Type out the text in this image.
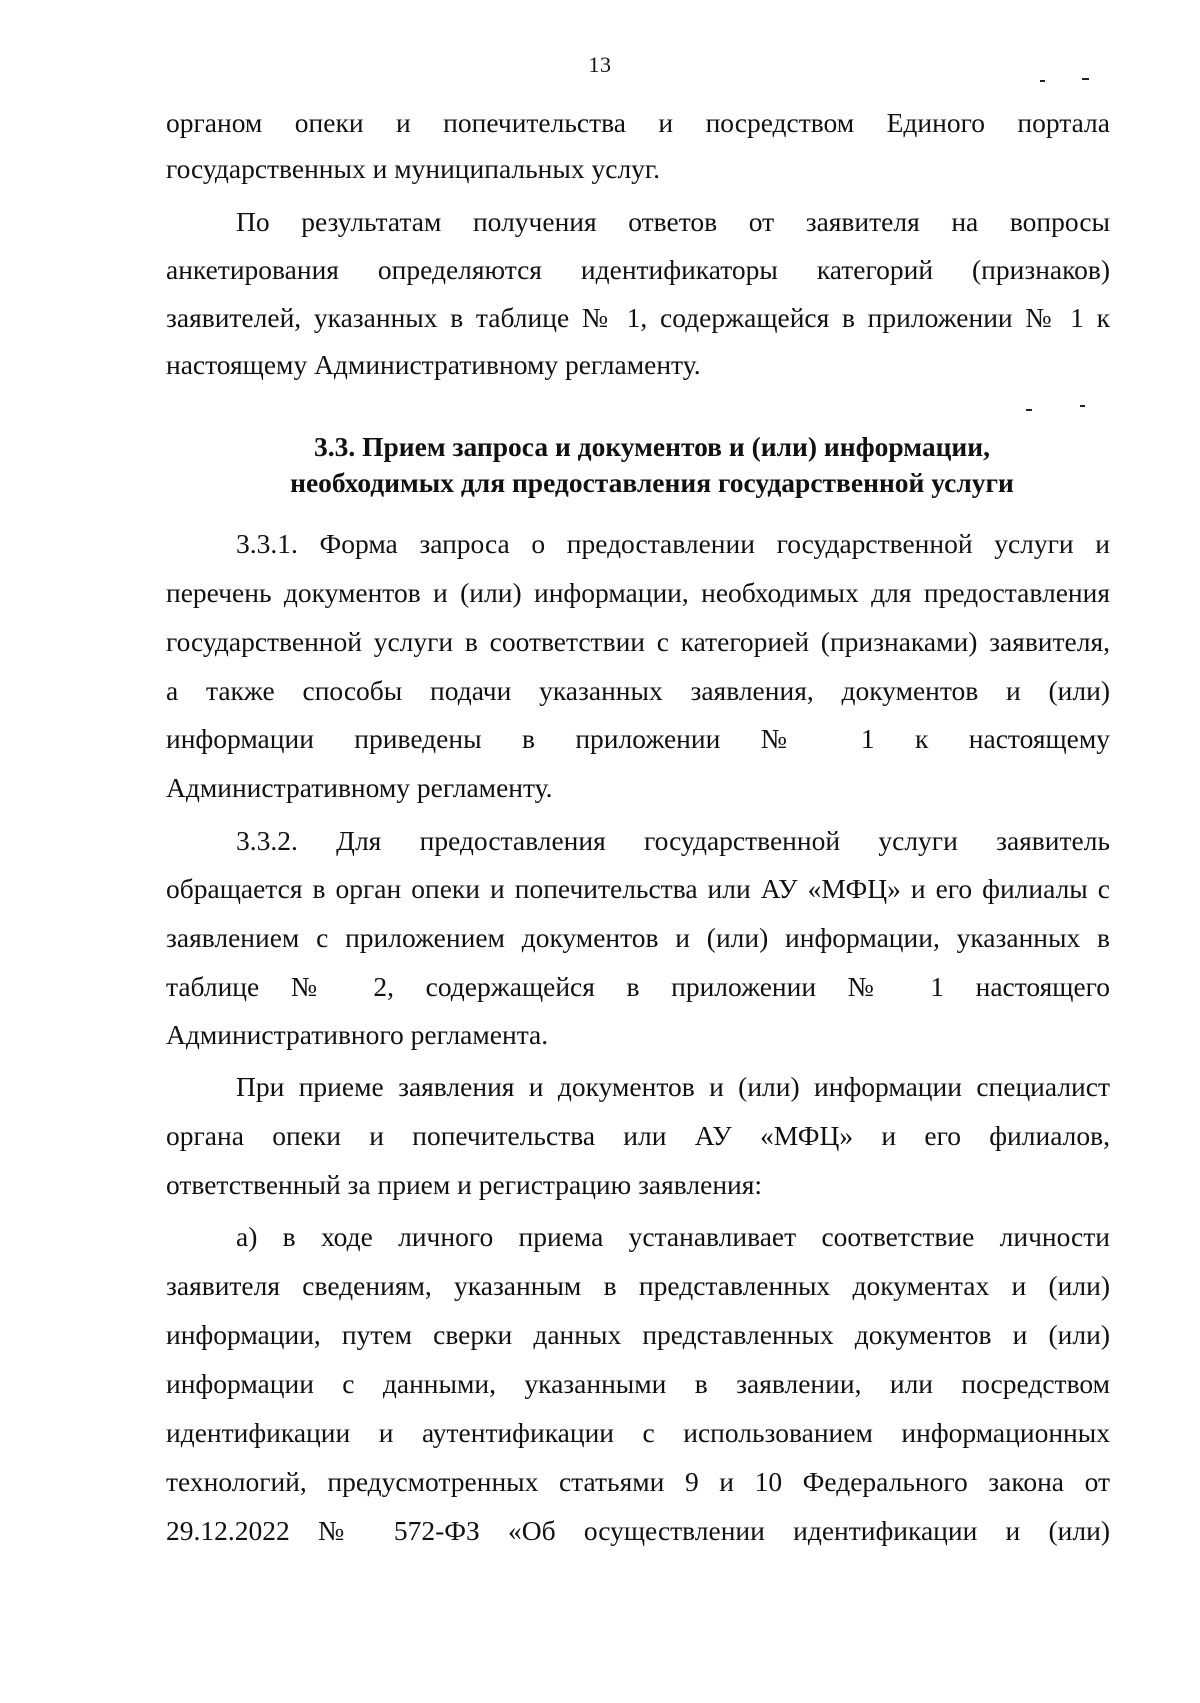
13
органом опеки и попечительства и посредством Единого портала
государственных и муниципальных услуг.
По результатам получения ответов от заявителя на вопросы
анкетирования определяются идентификаторы категорий (признаков)
заявителей, указанных в таблице № 1, содержащейся в приложении № 1 к
настоящему Административному регламенту.
3.3. Прием запроса и документов и (или) информации,
необходимых для предоставления государственной услуги
3.3.1. Форма запроса о предоставлении государственной услуги и
перечень документов и (или) информации, необходимых для предоставления
государственной услуги в соответствии с категорией (признаками) заявителя,
а также способы подачи указанных заявления, документов и (или)
информации приведены в приложении № 1 к настоящему
Административному регламенту.
3.3.2. Для предоставления государственной услуги заявитель
обращается в орган опеки и попечительства или АУ «МФЦ» и его филиалы с
заявлением с приложением документов и (или) информации, указанных в
таблице № 2, содержащейся в приложении № 1 настоящего
Административного регламента.
При приеме заявления и документов и (или) информации специалист
органа опеки и попечительства или АУ «МФЦ» и его филиалов,
ответственный за прием и регистрацию заявления:
а) в ходе личного приема устанавливает соответствие личности
заявителя сведениям, указанным в представленных документах и (или)
информации, путем сверки данных представленных документов и (или)
информации с данными, указанными в заявлении, или посредством
идентификации и аутентификации с использованием информационных
технологий, предусмотренных статьями 9 и 10 Федерального закона от
29.12.2022 № 572-ФЗ «Об осуществлении идентификации и (или)
